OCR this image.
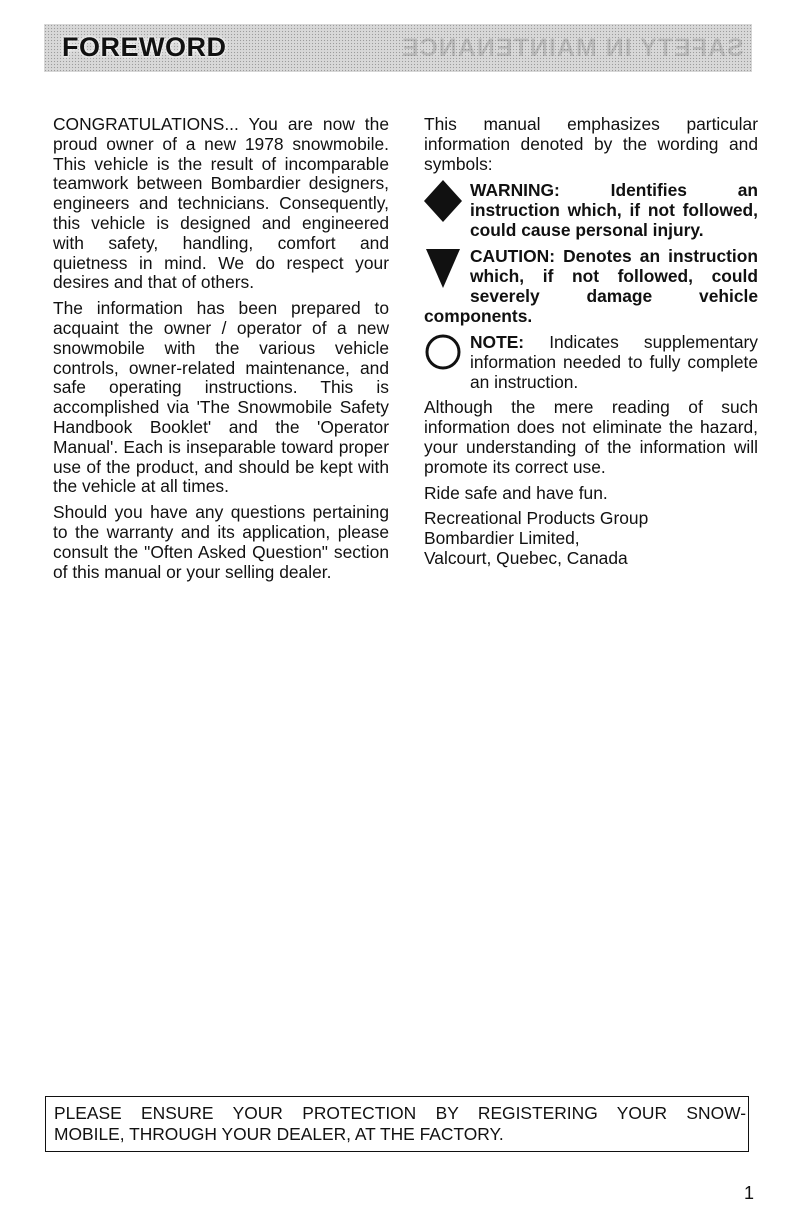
SAFETY IN MAINTENANCE
FOREWORD

CONGRATULATIONS... You are now the proud owner of a new 1978 snowmobile. This vehicle is the result of incomparable teamwork between Bombardier designers, engineers and technicians. Consequently, this vehicle is designed and engineered with safety, handling, comfort and quietness in mind. We do respect your desires and that of others.

The information has been prepared to acquaint the owner / operator of a new snowmobile with the various vehicle controls, owner-related maintenance, and safe operating instructions. This is accomplished via 'The Snowmobile Safety Handbook Booklet' and the 'Operator Manual'. Each is inseparable toward proper use of the product, and should be kept with the vehicle at all times.

Should you have any questions pertaining to the warranty and its application, please consult the "Often Asked Question" section of this manual or your selling dealer.

This manual emphasizes particular information denoted by the wording and symbols:

WARNING:	Identifies an instruction which, if not followed, could cause personal injury.
CAUTION: Denotes an instruction which, if not followed, could severely damage vehicle components.
NOTE: Indicates supplementary information needed to fully complete an instruction.

Although the mere reading of such information does not eliminate the hazard, your understanding of the information will promote its correct use.

Ride safe and have fun.

Recreational Products Group
Bombardier Limited,
Valcourt, Quebec, Canada

PLEASE ENSURE YOUR PROTECTION BY REGISTERING YOUR SNOW-
MOBILE, THROUGH YOUR DEALER, AT THE FACTORY.
1
